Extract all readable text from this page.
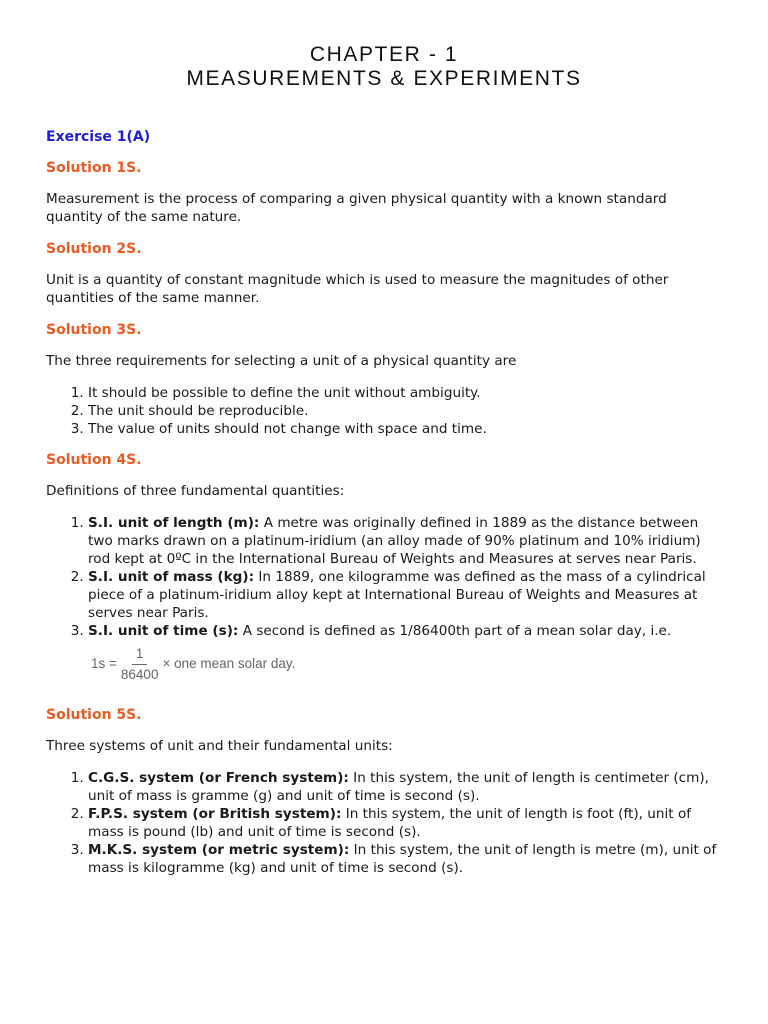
CHAPTER - 1
MEASUREMENTS & EXPERIMENTS
Exercise 1(A)
Solution 1S.
Measurement is the process of comparing a given physical quantity with a known standard quantity of the same nature.
Solution 2S.
Unit is a quantity of constant magnitude which is used to measure the magnitudes of other quantities of the same manner.
Solution 3S.
The three requirements for selecting a unit of a physical quantity are
1. It should be possible to define the unit without ambiguity.
2. The unit should be reproducible.
3. The value of units should not change with space and time.
Solution 4S.
Definitions of three fundamental quantities:
1. S.I. unit of length (m): A metre was originally defined in 1889 as the distance between two marks drawn on a platinum-iridium (an alloy made of 90% platinum and 10% iridium) rod kept at 0ºC in the International Bureau of Weights and Measures at serves near Paris.
2. S.I. unit of mass (kg): In 1889, one kilogramme was defined as the mass of a cylindrical piece of a platinum-iridium alloy kept at International Bureau of Weights and Measures at serves near Paris.
3. S.I. unit of time (s): A second is defined as 1/86400th part of a mean solar day, i.e.
$1s = \frac{1}{86400}$ × one mean solar day.
Solution 5S.
Three systems of unit and their fundamental units:
1. C.G.S. system (or French system): In this system, the unit of length is centimeter (cm), unit of mass is gramme (g) and unit of time is second (s).
2. F.P.S. system (or British system): In this system, the unit of length is foot (ft), unit of mass is pound (lb) and unit of time is second (s).
3. M.K.S. system (or metric system): In this system, the unit of length is metre (m), unit of mass is kilogramme (kg) and unit of time is second (s).
